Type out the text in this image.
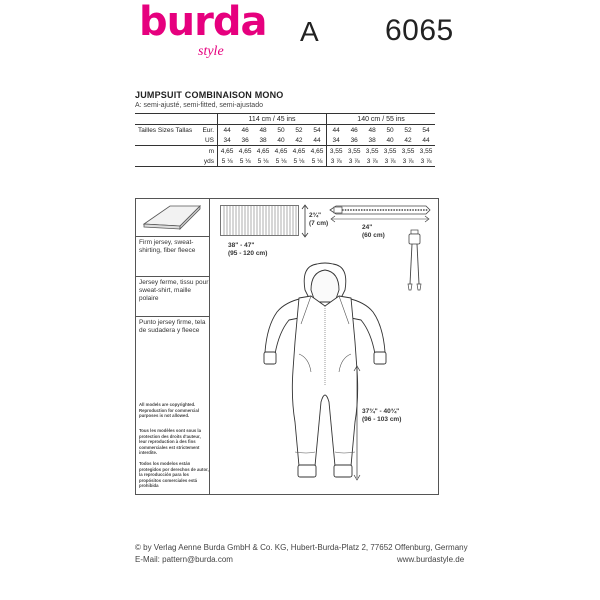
burda
style
A 6065
JUMPSUIT COMBINAISON MONO
A: semi-ajusté, semi-fitted, semi-ajustado
		114 cm / 45 ins						140 cm / 55 ins					
Tailles Sizes Tallas	Eur.	44	46	48	50	52	54	44	46	48	50	52	54
	US	34	36	38	40	42	44	34	36	38	40	42	44
	m	4,65	4,65	4,65	4,65	4,65	4,65	3,55	3,55	3,55	3,55	3,55	3,55
	yds	5 ⅛	5 ⅛	5 ⅛	5 ⅛	5 ⅛	5 ⅛	3 ⅞	3 ⅞	3 ⅞	3 ⅞	3 ⅞	3 ⅞
Firm jersey, sweat-shirting, fiber fleece
Jersey ferme, tissu pour sweat-shirt, maille polaire
Punto jersey firme, tela de sudadera y fleece
All models are copyrighted. Reproduction for commercial purposes is not allowed.
Tous les modèles sont sous la protection des droits d'auteur, leur reproduction à des fins commerciales est strictement interdite.
Todos los modelos están protegidos por derechos de autor, la reproducción para los propósitos comerciales está prohibida
2¾"
(7 cm)
38" - 47"
(95 - 120 cm)
24"
(60 cm)
37¾" - 40¾"
(96 - 103 cm)
© by Verlag Aenne Burda GmbH & Co. KG, Hubert-Burda-Platz 2, 77652 Offenburg, Germany
E-Mail: pattern@burda.com	www.burdastyle.de
